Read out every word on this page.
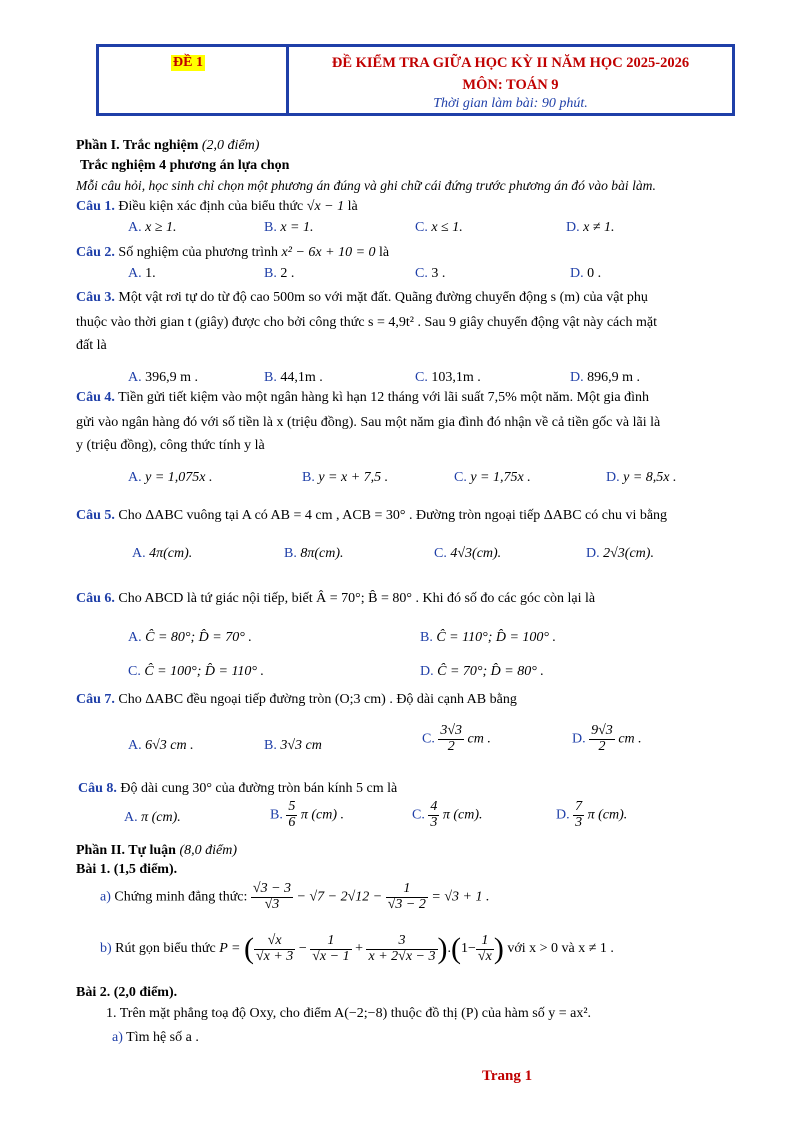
ĐỀ 1	ĐỀ KIỂM TRA GIỮA HỌC KỲ II NĂM HỌC 2025-2026
MÔN: TOÁN 9
Thời gian làm bài: 90 phút.
Phần I. Trắc nghiệm (2,0 điểm)
Trắc nghiệm 4 phương án lựa chọn
Mỗi câu hỏi, học sinh chỉ chọn một phương án đúng và ghi chữ cái đứng trước phương án đó vào bài làm.
Câu 1. Điều kiện xác định của biểu thức √x − 1 là
A. x ≥ 1.	B. x = 1.	C. x ≤ 1.	D. x ≠ 1.
Câu 2. Số nghiệm của phương trình x² − 6x + 10 = 0 là
A. 1.	B. 2 .	C. 3 .	D. 0 .
Câu 3. Một vật rơi tự do từ độ cao 500m so với mặt đất. Quãng đường chuyển động s (m) của vật phụ
thuộc vào thời gian t (giây) được cho bởi công thức s = 4,9t² . Sau 9 giây chuyển động vật này cách mặt
đất là
A. 396,9 m .	B. 44,1m .	C. 103,1m .	D. 896,9 m .
Câu 4. Tiền gửi tiết kiệm vào một ngân hàng kì hạn 12 tháng với lãi suất 7,5% một năm. Một gia đình
gửi vào ngân hàng đó với số tiền là x (triệu đồng). Sau một năm gia đình đó nhận về cả tiền gốc và lãi là
y (triệu đồng), công thức tính y là
A. y = 1,075x .	B. y = x + 7,5 .	C. y = 1,75x .	D. y = 8,5x .
Câu 5. Cho ΔABC vuông tại A có AB = 4 cm , ACB = 30° . Đường tròn ngoại tiếp ΔABC có chu vi bằng
A. 4π(cm).	B. 8π(cm).	C. 4√3(cm).	D. 2√3(cm).
Câu 6. Cho ABCD là tứ giác nội tiếp, biết Â = 70°; B̂ = 80° . Khi đó số đo các góc còn lại là
A. Ĉ = 80°; D̂ = 70° .	B. Ĉ = 110°; D̂ = 100° .
C. Ĉ = 100°; D̂ = 110° .	D. Ĉ = 70°; D̂ = 80° .
Câu 7. Cho ΔABC đều ngoại tiếp đường tròn (O;3 cm) . Độ dài cạnh AB bằng
A. 6√3 cm .	B. 3√3 cm	C. $\frac{3√3}{2}$ cm .	D. $\frac{9√3}{2}$ cm .
Câu 8. Độ dài cung 30° của đường tròn bán kính 5 cm là
A. π (cm).	B. $\frac{5}{6}$ π (cm) .	C. $\frac{4}{3}$ π (cm).	D. $\frac{7}{3}$ π (cm).
Phần II. Tự luận (8,0 điểm)
Bài 1. (1,5 điểm).
a) Chứng minh đẳng thức: $\frac{√3 - 3}{√3} - √7 - 2√12 - \frac{1}{√3 - 2} = √3 + 1$ .
b) Rút gọn biểu thức P = ( $\frac{√x}{√x + 3} - \frac{1}{√x - 1} + \frac{3}{x + 2√x - 3} ).(1- \frac{1}{√x}$ ) với x > 0 và x ≠ 1 .
Bài 2. (2,0 điểm).
1. Trên mặt phẳng toạ độ Oxy, cho điểm A(−2;−8) thuộc đồ thị (P) của hàm số y = ax².
a) Tìm hệ số a .
Trang 1
